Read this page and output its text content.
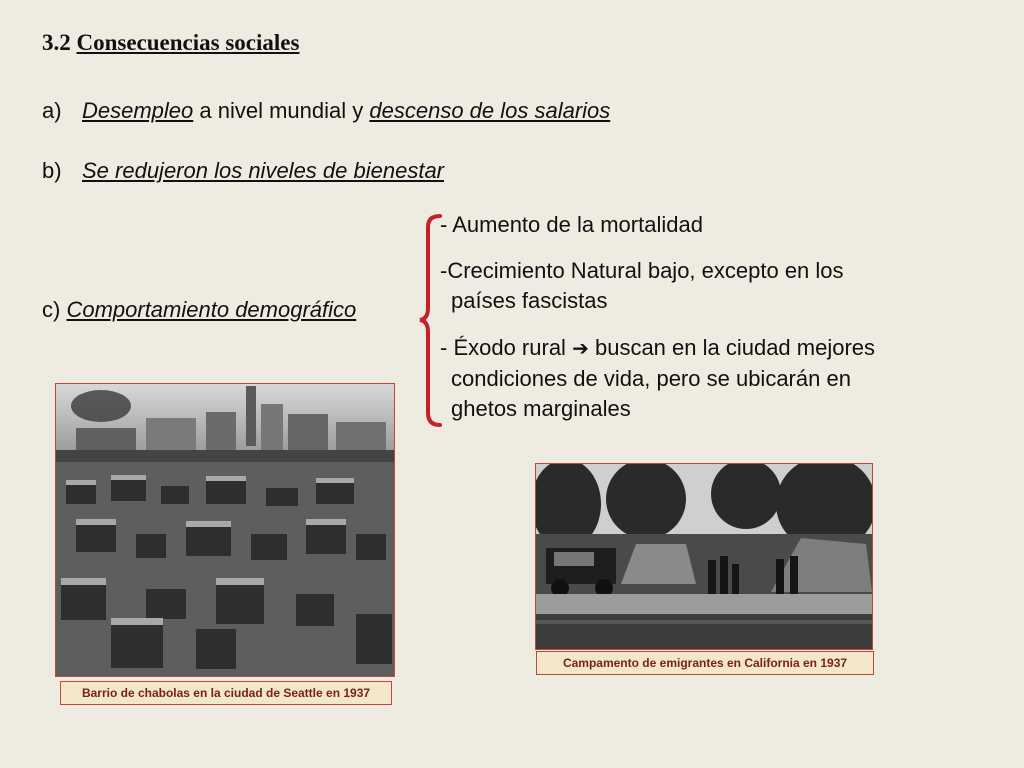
3.2 Consecuencias sociales
a) Desempleo a nivel mundial y descenso de los salarios
b) Se redujeron los niveles de bienestar
c) Comportamiento demográfico
- Aumento de la mortalidad
-Crecimiento Natural bajo, excepto en los
países fascistas
- Éxodo rural ➔ buscan en la ciudad mejores
condiciones de vida, pero se ubicarán en
ghetos marginales
Barrio de chabolas en la ciudad de Seattle en 1937
Campamento de emigrantes en California en 1937
